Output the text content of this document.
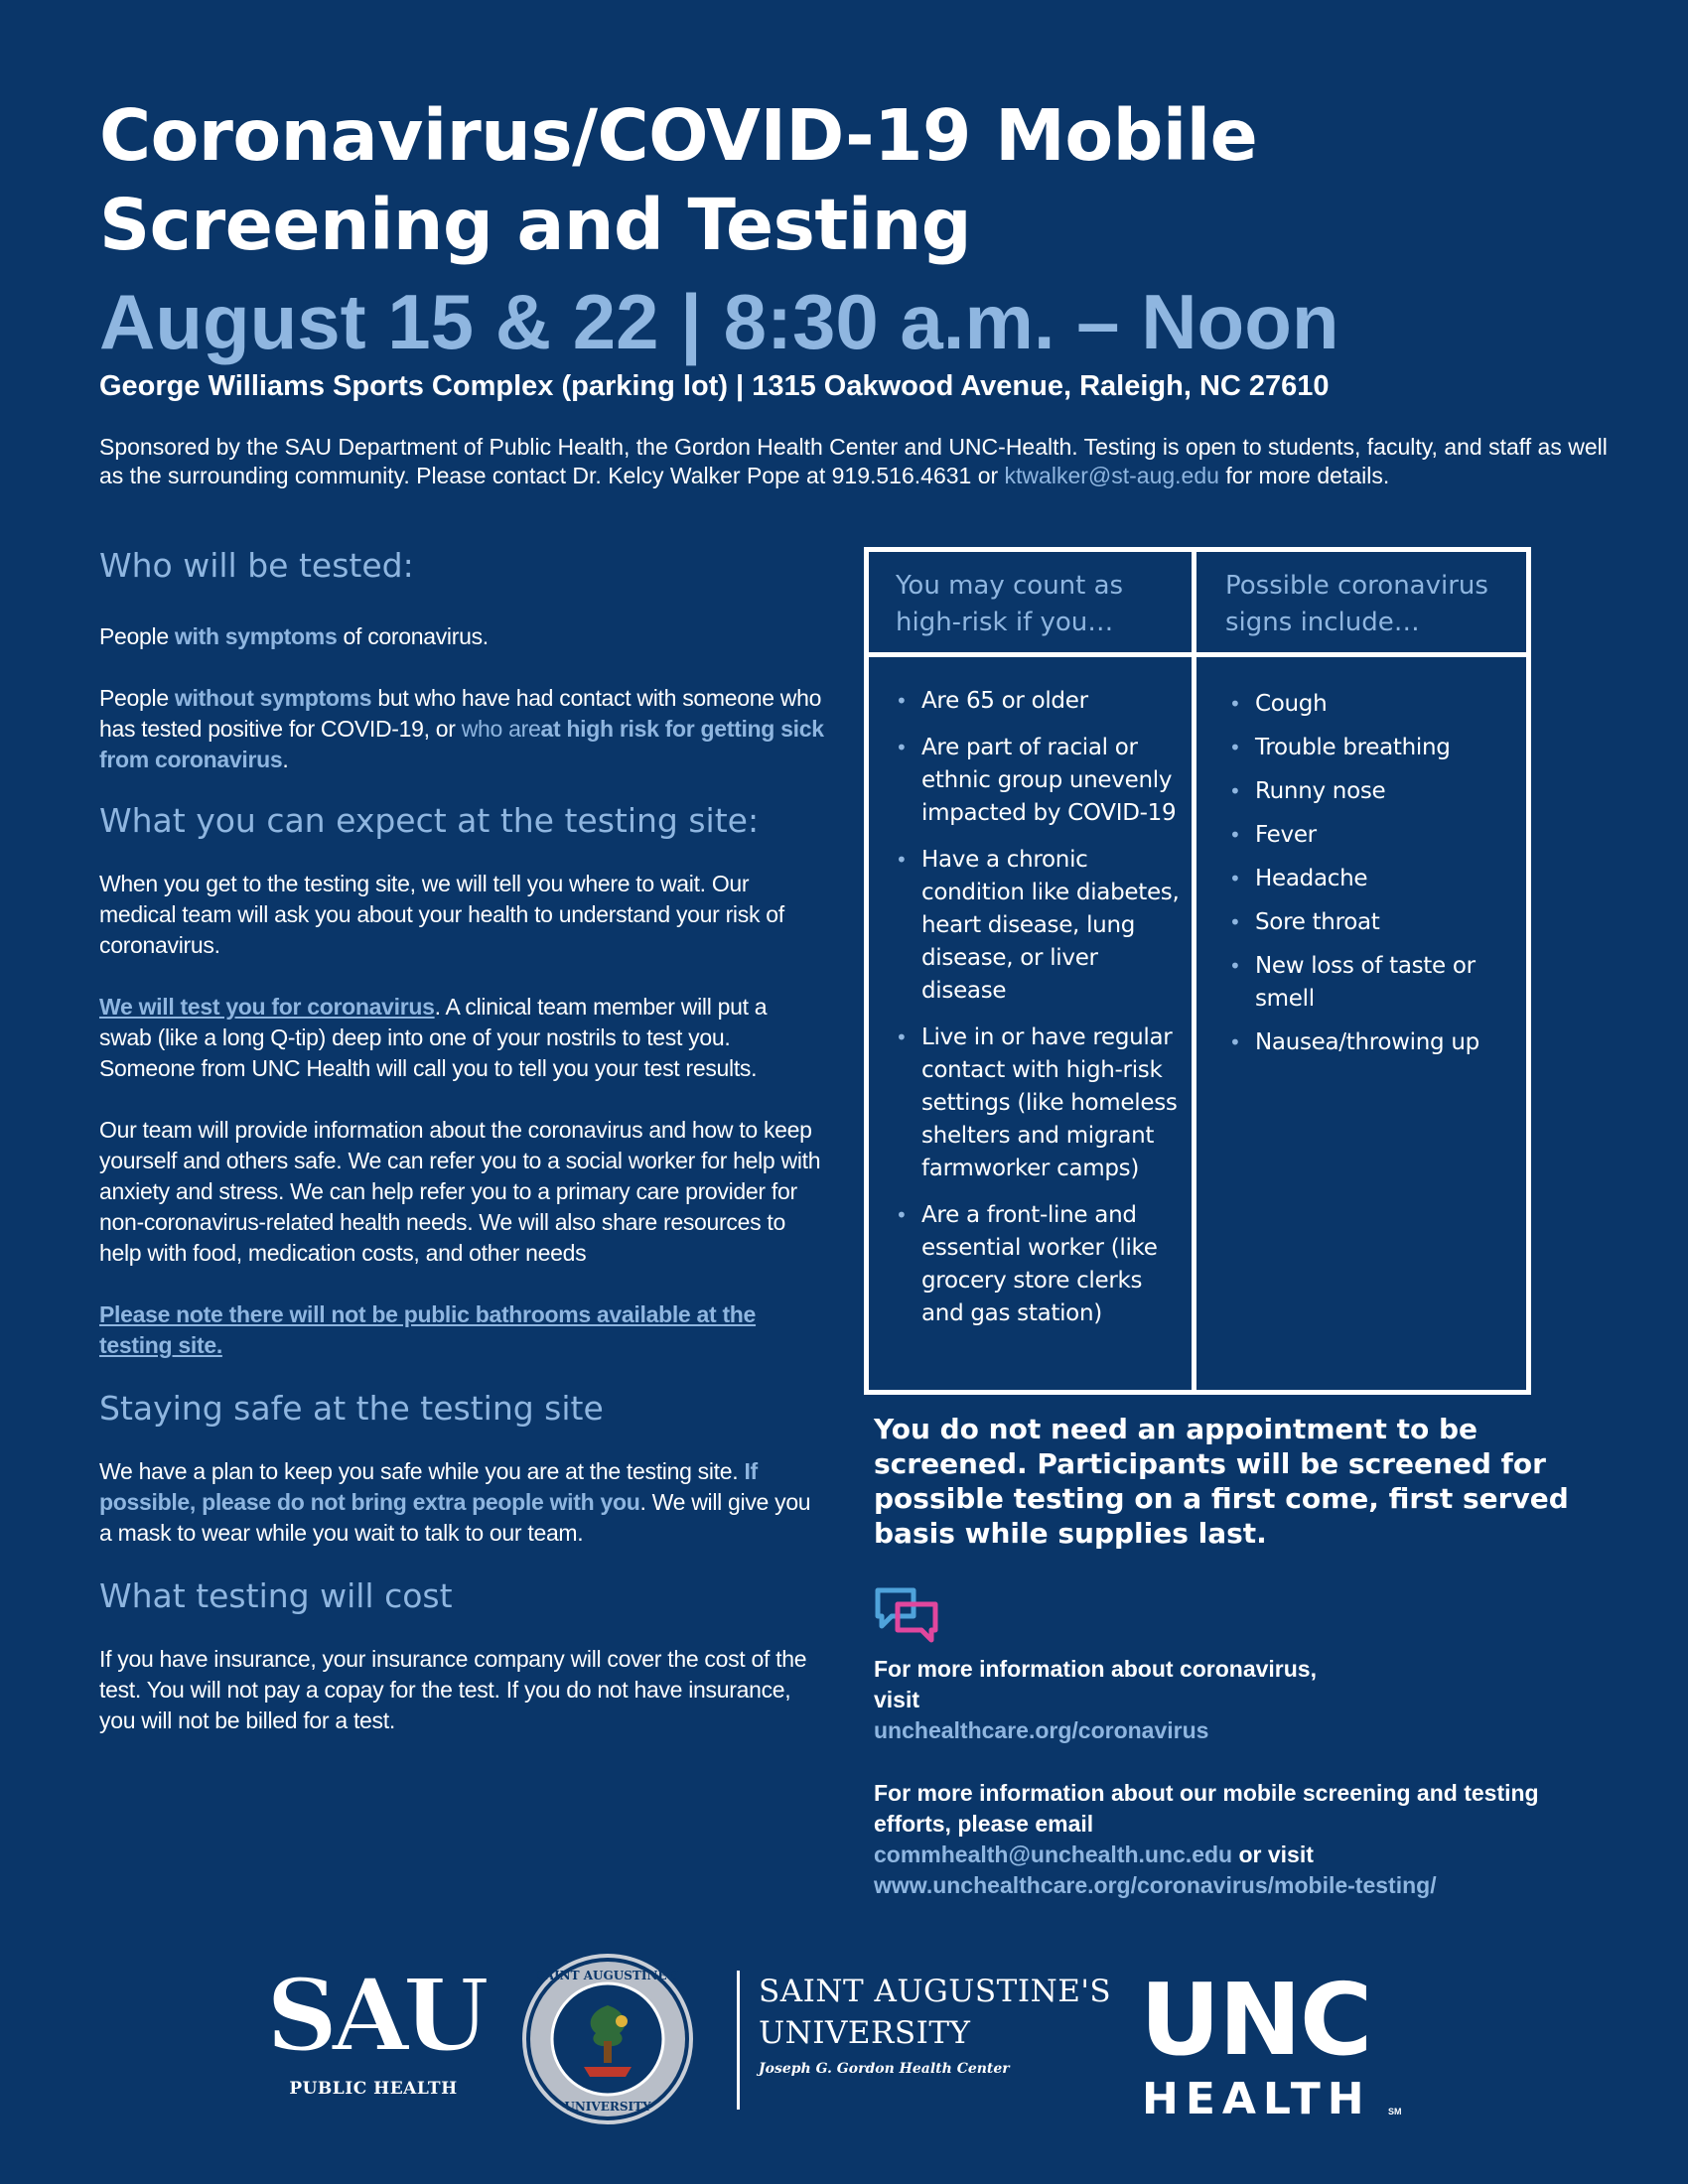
Coronavirus/COVID-19 Mobile Screening and Testing
August 15 & 22 | 8:30 a.m. – Noon
George Williams Sports Complex (parking lot) | 1315 Oakwood Avenue, Raleigh, NC 27610
Sponsored by the SAU Department of Public Health, the Gordon Health Center and UNC-Health. Testing is open to students, faculty, and staff as well as the surrounding community. Please contact Dr. Kelcy Walker Pope at 919.516.4631 or ktwalker@st-aug.edu for more details.
Who will be tested:

People with symptoms of coronavirus.

People without symptoms but who have had contact with someone who has tested positive for COVID-19, or who areat high risk for getting sick from coronavirus.

What you can expect at the testing site:

When you get to the testing site, we will tell you where to wait. Our medical team will ask you about your health to understand your risk of coronavirus.

We will test you for coronavirus. A clinical team member will put a swab (like a long Q-tip) deep into one of your nostrils to test you. Someone from UNC Health will call you to tell you your test results.

Our team will provide information about the coronavirus and how to keep yourself and others safe. We can refer you to a social worker for help with anxiety and stress. We can help refer you to a primary care provider for non-coronavirus-related health needs. We will also share resources to help with food, medication costs, and other needs

Please note there will not be public bathrooms available at the testing site.

Staying safe at the testing site

We have a plan to keep you safe while you are at the testing site. If possible, please do not bring extra people with you. We will give you a mask to wear while you wait to talk to our team.

What testing will cost

If you have insurance, your insurance company will cover the cost of the test. You will not pay a copay for the test. If you do not have insurance, you will not be billed for a test.

You may count as high-risk if you…
Possible coronavirus signs include…
• Are 65 or older
• Are part of racial or ethnic group unevenly impacted by COVID-19
• Have a chronic condition like diabetes, heart disease, lung disease, or liver disease
• Live in or have regular contact with high-risk settings (like homeless shelters and migrant farmworker camps)
• Are a front-line and essential worker (like grocery store clerks and gas station)
• Cough
• Trouble breathing
• Runny nose
• Fever
• Headache
• Sore throat
• New loss of taste or smell
• Nausea/throwing up
You do not need an appointment to be screened. Participants will be screened for possible testing on a first come, first served basis while supplies last.
For more information about coronavirus, visit
unchealthcare.org/coronavirus
For more information about our mobile screening and testing efforts, please email
commhealth@unchealth.unc.edu or visit
www.unchealthcare.org/coronavirus/mobile-testing/
SAU
PUBLIC HEALTH
SAINT AUGUSTINE'S
UNIVERSITY
SAINT AUGUSTINE'S
UNIVERSITY
Joseph G. Gordon Health Center	UNC
HEALTH SM
